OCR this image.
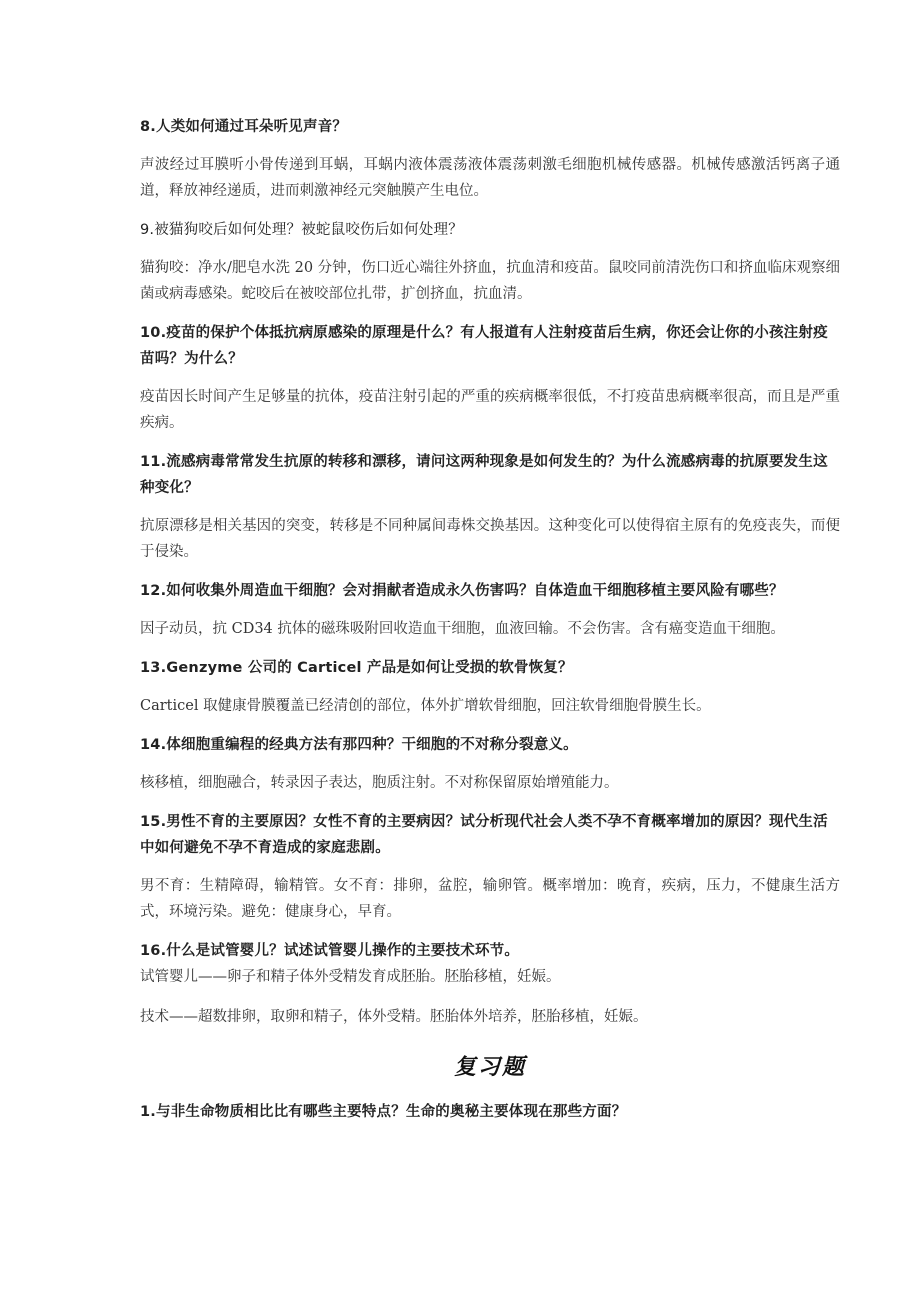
8.人类如何通过耳朵听见声音？

声波经过耳膜听小骨传递到耳蜗，耳蜗内液体震荡液体震荡刺激毛细胞机械传感器。机械传感激活钙离子通道，释放神经递质，进而刺激神经元突触膜产生电位。

9.被猫狗咬后如何处理？被蛇鼠咬伤后如何处理？

猫狗咬：净水/肥皂水洗 20 分钟，伤口近心端往外挤血，抗血清和疫苗。鼠咬同前清洗伤口和挤血临床观察细菌或病毒感染。蛇咬后在被咬部位扎带，扩创挤血，抗血清。

10.疫苗的保护个体抵抗病原感染的原理是什么？有人报道有人注射疫苗后生病，你还会让你的小孩注射疫苗吗？为什么？

疫苗因长时间产生足够量的抗体，疫苗注射引起的严重的疾病概率很低，不打疫苗患病概率很高，而且是严重疾病。

11.流感病毒常常发生抗原的转移和漂移，请问这两种现象是如何发生的？为什么流感病毒的抗原要发生这种变化？

抗原漂移是相关基因的突变，转移是不同种属间毒株交换基因。这种变化可以使得宿主原有的免疫丧失，而便于侵染。

12.如何收集外周造血干细胞？会对捐献者造成永久伤害吗？自体造血干细胞移植主要风险有哪些？

因子动员，抗 CD34 抗体的磁珠吸附回收造血干细胞，血液回输。不会伤害。含有癌变造血干细胞。

13.Genzyme 公司的 Carticel 产品是如何让受损的软骨恢复？

Carticel 取健康骨膜覆盖已经清创的部位，体外扩增软骨细胞，回注软骨细胞骨膜生长。

14.体细胞重编程的经典方法有那四种？干细胞的不对称分裂意义。

核移植，细胞融合，转录因子表达，胞质注射。不对称保留原始增殖能力。

15.男性不育的主要原因？女性不育的主要病因？试分析现代社会人类不孕不育概率增加的原因？现代生活中如何避免不孕不育造成的家庭悲剧。

男不育：生精障碍，输精管。女不育：排卵，盆腔，输卵管。概率增加：晚育，疾病，压力，不健康生活方式，环境污染。避免：健康身心，早育。

16.什么是试管婴儿？试述试管婴儿操作的主要技术环节。

试管婴儿——卵子和精子体外受精发育成胚胎。胚胎移植，妊娠。

技术——超数排卵，取卵和精子，体外受精。胚胎体外培养，胚胎移植，妊娠。

复习题

1.与非生命物质相比比有哪些主要特点？生命的奥秘主要体现在那些方面？
